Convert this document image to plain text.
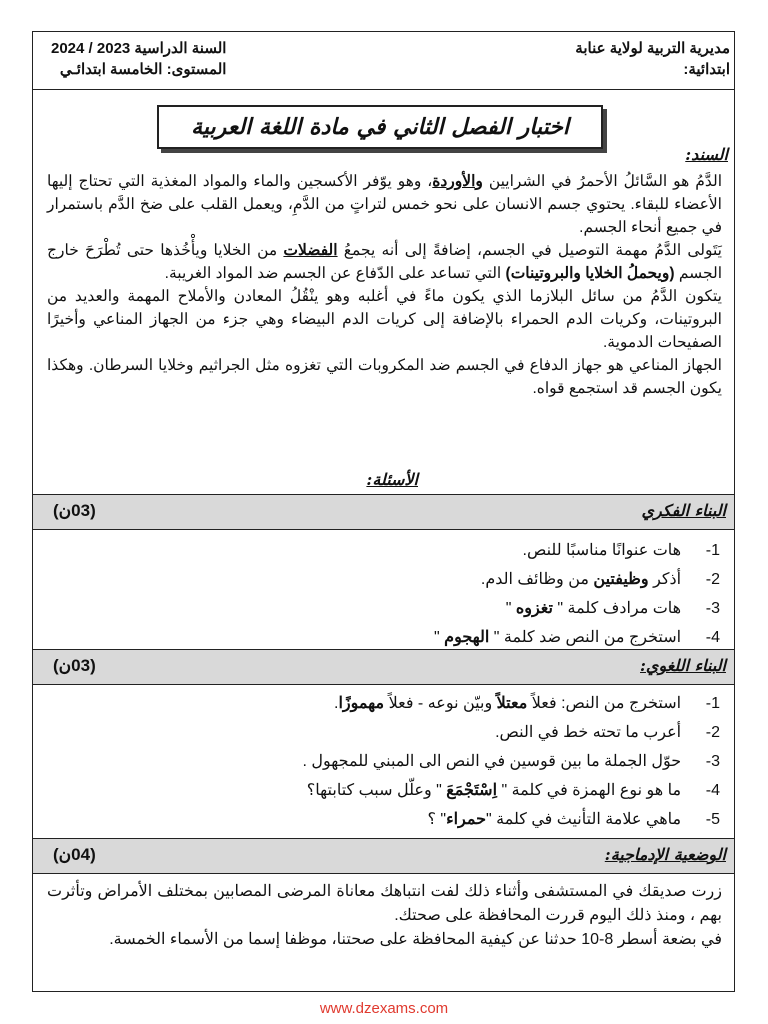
مديرية التربية لولاية عنابة
ابتدائية:
السنة الدراسية 2023 / 2024
المستوى: الخامسة ابتدائـي
اختبار الفصل الثاني في مادة اللغة العربية
السند:

الدَّمُ هو السَّائلُ الأحمرُ في الشرايين والأوردة، وهو يوّفر الأكسجين والماء والمواد المغذية التي تحتاج إليها الأعضاء للبقاء. يحتوي جسم الانسان على نحو خمس لتراتٍ من الدَّمِ، ويعمل القلب على ضخ الدَّم باستمرار في جميع أنحاء الجسم.

يَتَولى الدَّمُ مهمة التوصيل في الجسم، إضافةً إلى أنه يجمعُ الفضلات من الخلايا ويأْخُذها حتى تُطْرَحَ خارج الجسم (ويحملُ الخلايا والبروتينات) التي تساعد على الدّفاع عن الجسم ضد المواد الغريبة.

يتكون الدَّمُ من سائل البلازما الذي يكون ماءً في أغلبه وهو ينْقُلُ المعادن والأملاح المهمة والعديد من البروتينات، وكريات الدم الحمراء بالإضافة إلى كريات الدم البيضاء وهي جزء من الجهاز المناعي وأخيرًا الصفيحات الدموية.

الجهاز المناعي هو جهاز الدفاع في الجسم ضد المكروبات التي تغزوه مثل الجراثيم وخلايا السرطان. وهكذا يكون الجسم قد استجمع قواه.

الأسئلة:
البناء الفكري
(03ن)
-1  هات عنوانًا مناسبًا للنص.
-2  أذكر وظيفتين من وظائف الدم.
-3  هات مرادف كلمة " تغزوه "
-4  استخرج من النص ضد كلمة " الهجوم "
البناء اللغوي:
(03ن)
-1  استخرج من النص: فعلاً معتلاً وبيّن نوعه - فعلاً مهموزًا.
-2  أعرب ما تحته خط في النص.
-3  حوّل الجملة ما بين قوسين في النص الى المبني للمجهول .
-4  ما هو نوع الهمزة في كلمة " اِسْتَجْمَعَ " وعلّل سبب كتابتها؟
-5  ماهي علامة التأنيث في كلمة "حمراء" ؟
الوضعية الإدماجية:
(04ن)

زرت صديقك في المستشفى وأثناء ذلك لفت انتباهك معاناة المرضى المصابين بمختلف الأمراض وتأثرت بهم ، ومنذ ذلك اليوم قررت المحافظة على صحتك.

في بضعة أسطر 8-10 حدثنا عن كيفية المحافظة على صحتنا، موظفا إسما من الأسماء الخمسة.

www.dzexams.com
